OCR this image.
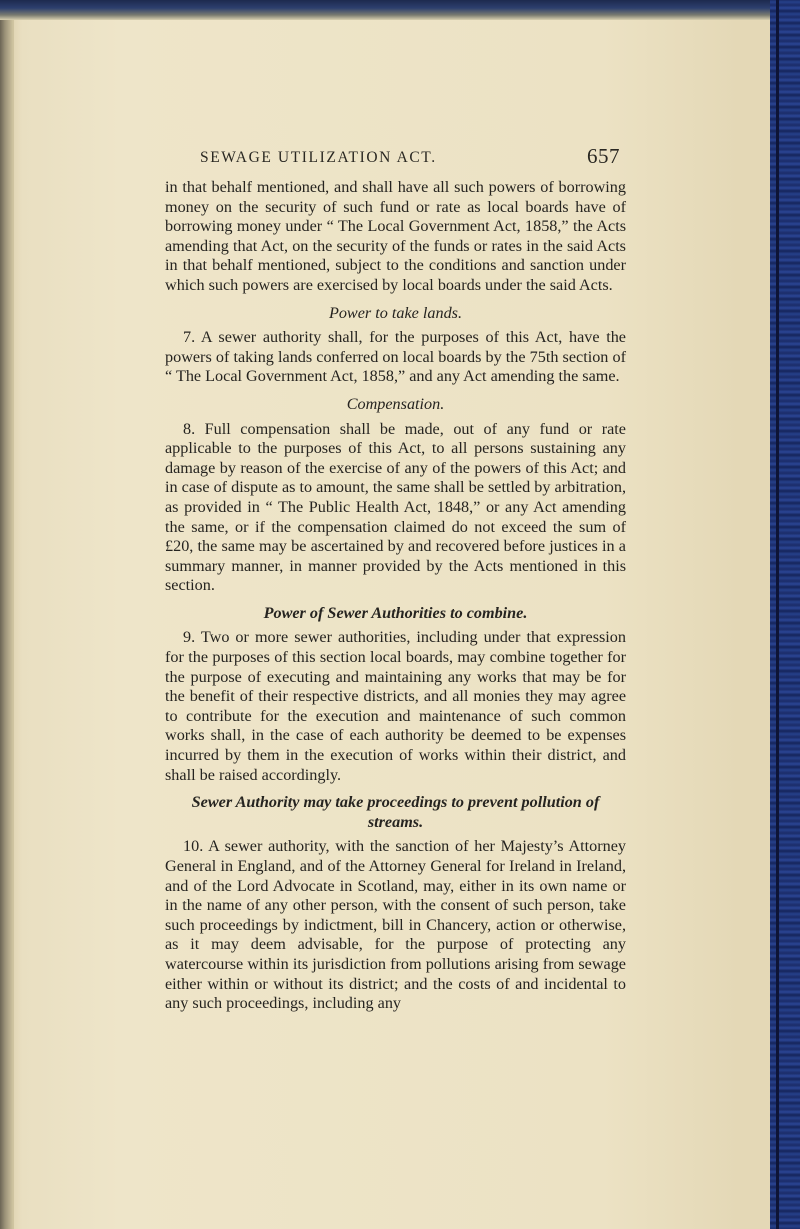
SEWAGE UTILIZATION ACT.	657

in that behalf mentioned, and shall have all such powers of borrowing money on the security of such fund or rate as local boards have of borrowing money under “ The Local Government Act, 1858,” the Acts amending that Act, on the security of the funds or rates in the said Acts in that behalf mentioned, subject to the conditions and sanction under which such powers are exercised by local boards under the said Acts.

Power to take lands.

7. A sewer authority shall, for the purposes of this Act, have the powers of taking lands conferred on local boards by the 75th section of “ The Local Government Act, 1858,” and any Act amending the same.

Compensation.

8. Full compensation shall be made, out of any fund or rate applicable to the purposes of this Act, to all persons sustaining any damage by reason of the exercise of any of the powers of this Act; and in case of dispute as to amount, the same shall be settled by arbitration, as provided in “ The Public Health Act, 1848,” or any Act amending the same, or if the compensation claimed do not exceed the sum of £20, the same may be ascertained by and recovered before justices in a summary manner, in manner provided by the Acts mentioned in this section.

Power of Sewer Authorities to combine.

9. Two or more sewer authorities, including under that expression for the purposes of this section local boards, may combine together for the purpose of executing and maintaining any works that may be for the benefit of their respective districts, and all monies they may agree to contribute for the execution and maintenance of such common works shall, in the case of each authority be deemed to be expenses incurred by them in the execution of works within their district, and shall be raised accordingly.

Sewer Authority may take proceedings to prevent pollution of streams.

10. A sewer authority, with the sanction of her Majesty’s Attorney General in England, and of the Attorney General for Ireland in Ireland, and of the Lord Advocate in Scotland, may, either in its own name or in the name of any other person, with the consent of such person, take such proceedings by indictment, bill in Chancery, action or otherwise, as it may deem advisable, for the purpose of protecting any watercourse within its jurisdiction from pollutions arising from sewage either within or without its district; and the costs of and incidental to any such proceedings, including any
